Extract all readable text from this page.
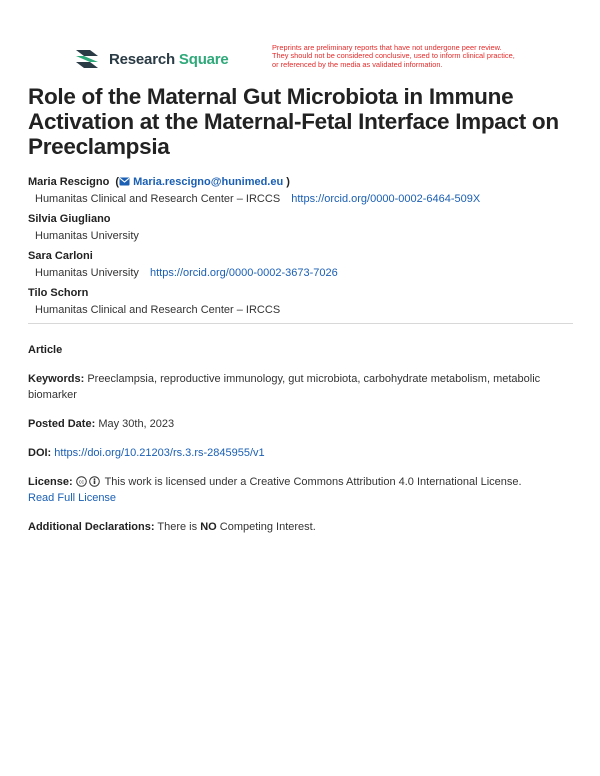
Research Square
Preprints are preliminary reports that have not undergone peer review.
They should not be considered conclusive, used to inform clinical practice,
or referenced by the media as validated information.
Role of the Maternal Gut Microbiota in Immune Activation at the Maternal-Fetal Interface Impact on Preeclampsia
Maria Rescigno  ( Maria.rescigno@hunimed.eu )
Humanitas Clinical and Research Center – IRCCS https://orcid.org/0000-0002-6464-509X
Silvia Giugliano
Humanitas University
Sara Carloni
Humanitas University https://orcid.org/0000-0002-3673-7026
Tilo Schorn
Humanitas Clinical and Research Center – IRCCS
Article
Keywords: Preeclampsia, reproductive immunology, gut microbiota, carbohydrate metabolism, metabolic biomarker
Posted Date: May 30th, 2023
DOI: https://doi.org/10.21203/rs.3.rs-2845955/v1
License: cc This work is licensed under a Creative Commons Attribution 4.0 International License.
Read Full License
Additional Declarations: There is NO Competing Interest.
